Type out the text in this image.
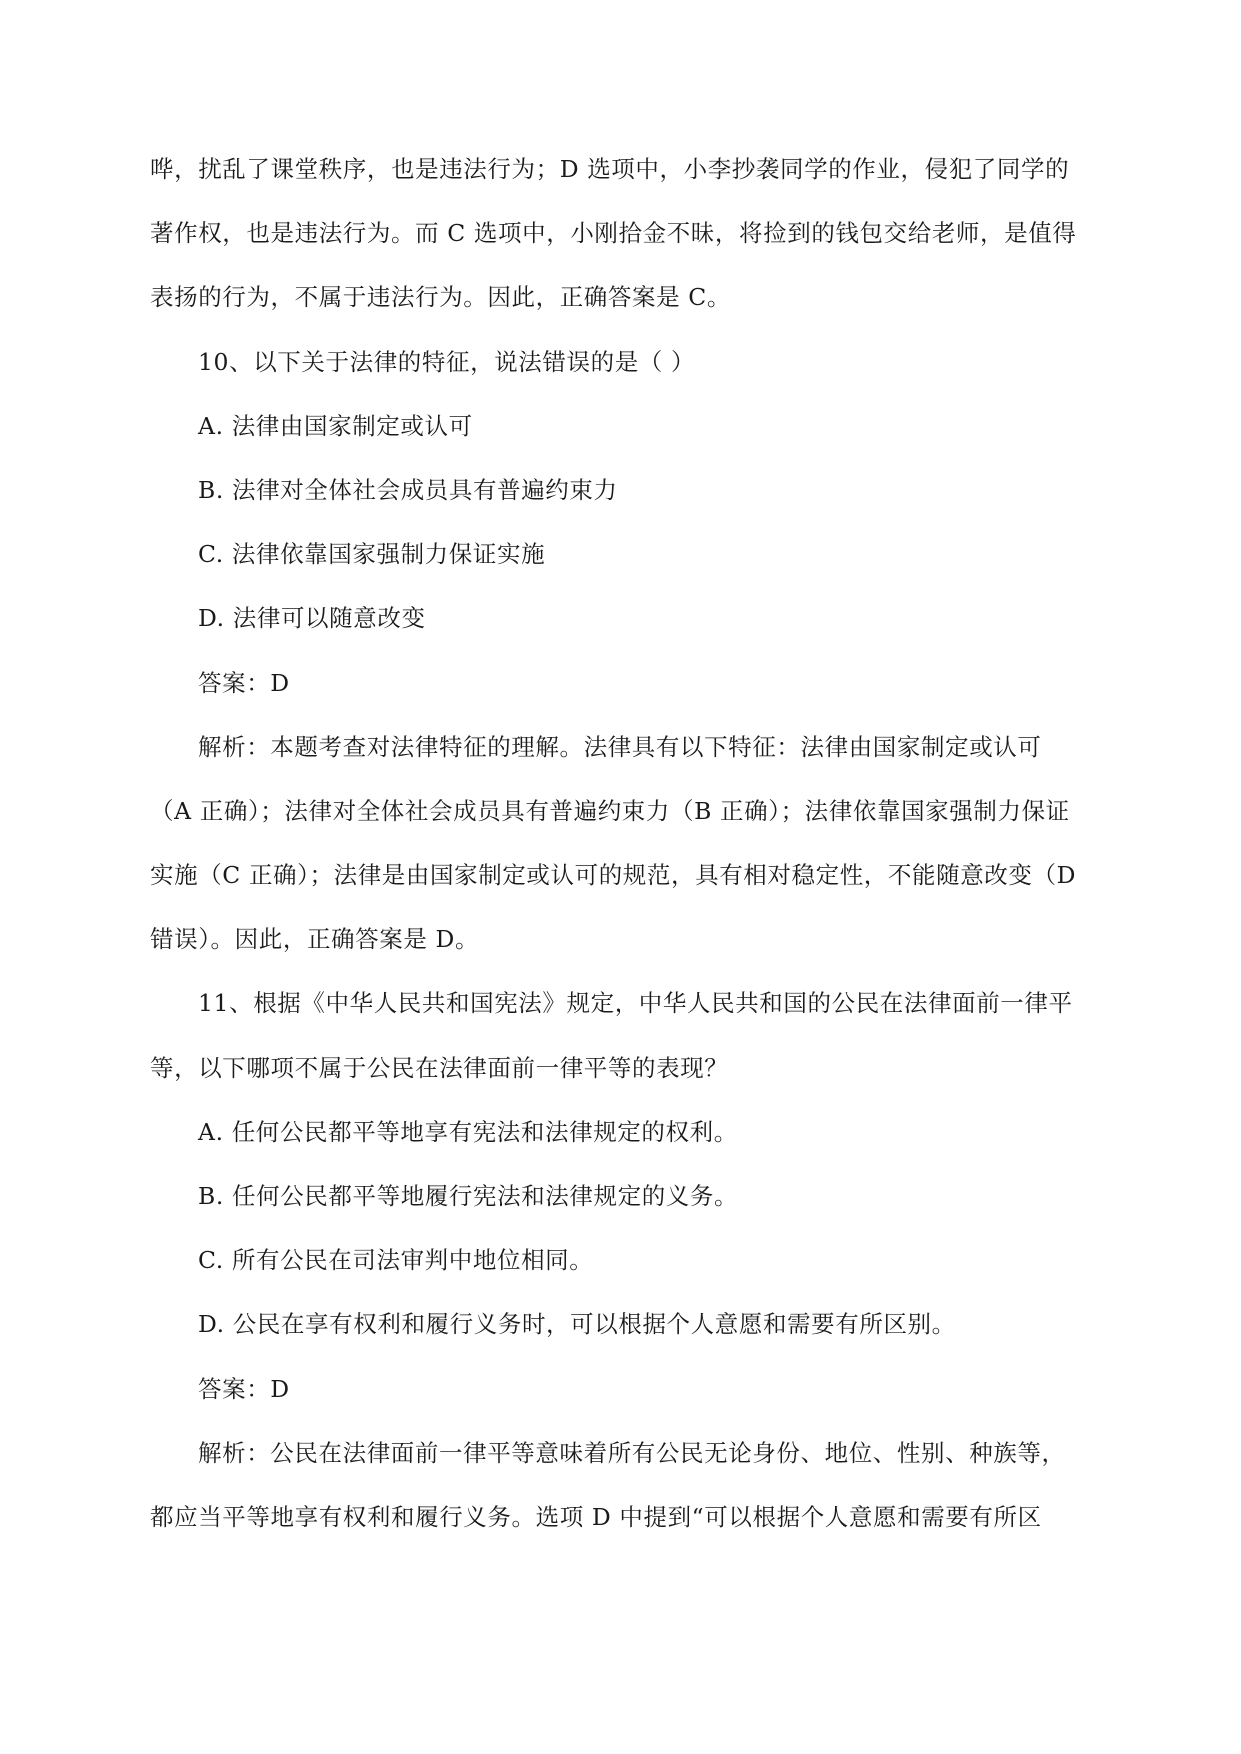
哗，扰乱了课堂秩序，也是违法行为；D 选项中，小李抄袭同学的作业，侵犯了同学的

著作权，也是违法行为。而 C 选项中，小刚拾金不昧，将捡到的钱包交给老师，是值得

表扬的行为，不属于违法行为。因此，正确答案是 C。

10、以下关于法律的特征，说法错误的是（ ）

A. 法律由国家制定或认可

B. 法律对全体社会成员具有普遍约束力

C. 法律依靠国家强制力保证实施

D. 法律可以随意改变

答案：D

解析：本题考查对法律特征的理解。法律具有以下特征：法律由国家制定或认可

（A 正确）；法律对全体社会成员具有普遍约束力（B 正确）；法律依靠国家强制力保证

实施（C 正确）；法律是由国家制定或认可的规范，具有相对稳定性，不能随意改变（D

错误）。因此，正确答案是 D。

11、根据《中华人民共和国宪法》规定，中华人民共和国的公民在法律面前一律平

等，以下哪项不属于公民在法律面前一律平等的表现？

A. 任何公民都平等地享有宪法和法律规定的权利。

B. 任何公民都平等地履行宪法和法律规定的义务。

C. 所有公民在司法审判中地位相同。

D. 公民在享有权利和履行义务时，可以根据个人意愿和需要有所区别。

答案：D

解析：公民在法律面前一律平等意味着所有公民无论身份、地位、性别、种族等，

都应当平等地享有权利和履行义务。选项 D 中提到“可以根据个人意愿和需要有所区
